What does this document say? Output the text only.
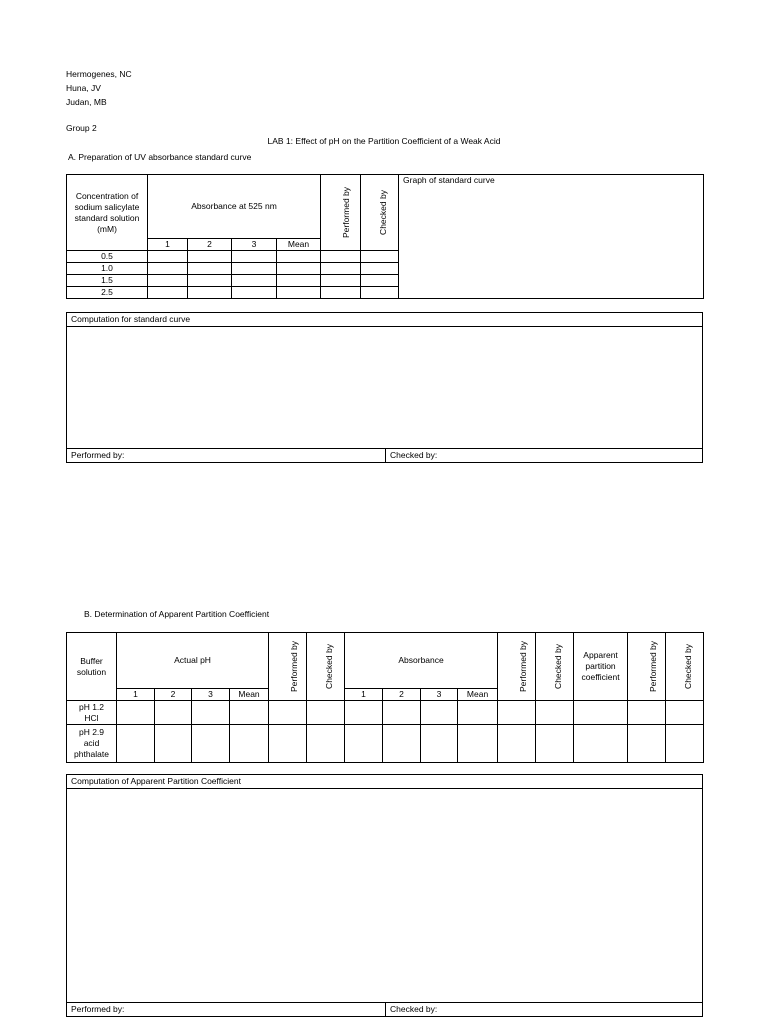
Hermogenes, NC
Huna, JV
Judan, MB
Group 2
LAB 1: Effect of pH on the Partition Coefficient of a Weak Acid
A. Preparation of UV absorbance standard curve
Concentration of sodium salicylate standard solution (mM)	Absorbance at 525 nm				Performed by	Checked by	Graph of standard curve
	1	2	3	Mean			
0.5							
1.0							
1.5							
2.5							
Computation for standard curve
Performed by:	Checked by:
B. Determination of Apparent Partition Coefficient
Buffer solution	Actual pH				Performed by	Checked by	Absorbance				Performed by	Checked by	Apparent partition coefficient	Performed by	Checked by
	1	2	3	Mean			1	2	3	Mean					
pH 1.2 HCl															
pH 2.9 acid phthalate															
Computation of Apparent Partition Coefficient
Performed by:	Checked by:
